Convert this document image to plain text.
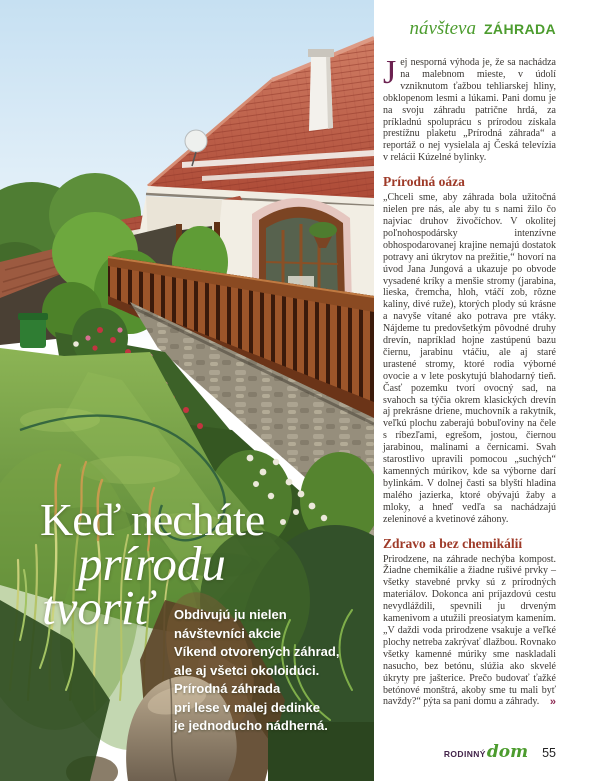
Keď necháte
prírodu
tvoriť	Obdivujú ju nielen
návštevníci akcie
Víkend otvorených záhrad,
ale aj všetci okoloidúci.
Prírodná záhrada
pri lese v malej dedinke
je jednoducho nádherná.
návšteva ZÁHRADA

Jej nesporná výhoda je, že sa nachádza na malebnom mieste, v údolí vzniknutom ťažbou tehliarskej hliny, obklopenom lesmi a lúkami. Pani domu je na svoju záhradu patrične hrdá, za príkladnú spoluprácu s prírodou získala prestížnu plaketu „Prírodná záhrada“ a reportáž o nej vysielala aj Česká televízia v relácii Kúzelné bylinky.

Prírodná oáza

„Chceli sme, aby záhrada bola užitočná nielen pre nás, ale aby tu s nami žilo čo najviac druhov živočíchov. V okolitej poľnohospodársky intenzívne obhospodarovanej krajine nemajú dostatok potravy ani úkrytov na prežitie,“ hovorí na úvod Jana Jungová a ukazuje po obvode vysadené kríky a menšie stromy (jarabina, lieska, čremcha, hloh, vtáčí zob, rôzne kaliny, divé ruže), ktorých plody sú krásne a navyše vítané ako potrava pre vtáky. Nájdeme tu predovšetkým pôvodné druhy drevín, napríklad hojne zastúpenú bazu čiernu, jarabinu vtáčiu, ale aj staré urastené stromy, ktoré rodia výborné ovocie a v lete poskytujú blahodarný tieň. Časť pozemku tvorí ovocný sad, na svahoch sa týčia okrem klasických drevín aj prekrásne driene, muchovník a rakytník, veľkú plochu zaberajú bobuľoviny na čele s ríbezľami, egrešom, jostou, čiernou jarabinou, malinami a černicami. Svah starostlivo upravili pomocou „suchých“ kamenných múrikov, kde sa výborne darí bylinkám. V dolnej časti sa blyští hladina malého jazierka, ktoré obývajú žaby a mloky, a hneď vedľa sa nachádzajú zeleninové a kvetinové záhony.

Zdravo a bez chemikálií

Prirodzene, na záhrade nechýba kompost. Žiadne chemikálie a žiadne rušivé prvky – všetky stavebné prvky sú z prírodných materiálov. Dokonca ani príjazdovú cestu nevydláždili, spevnili ju drveným kamenivom a utužili preosiatym kamením. „V daždi voda prirodzene vsakuje a veľké plochy netreba zakrývať dlažbou. Rovnako všetky kamenné múriky sme naskladali nasucho, bez betónu, slúžia ako skvelé úkryty pre jašterice. Prečo budovať ťažké betónové monštrá, akoby sme tu mali byť navždy?“ pýta sa pani domu a záhrady. »

RODINNÝdom 55
